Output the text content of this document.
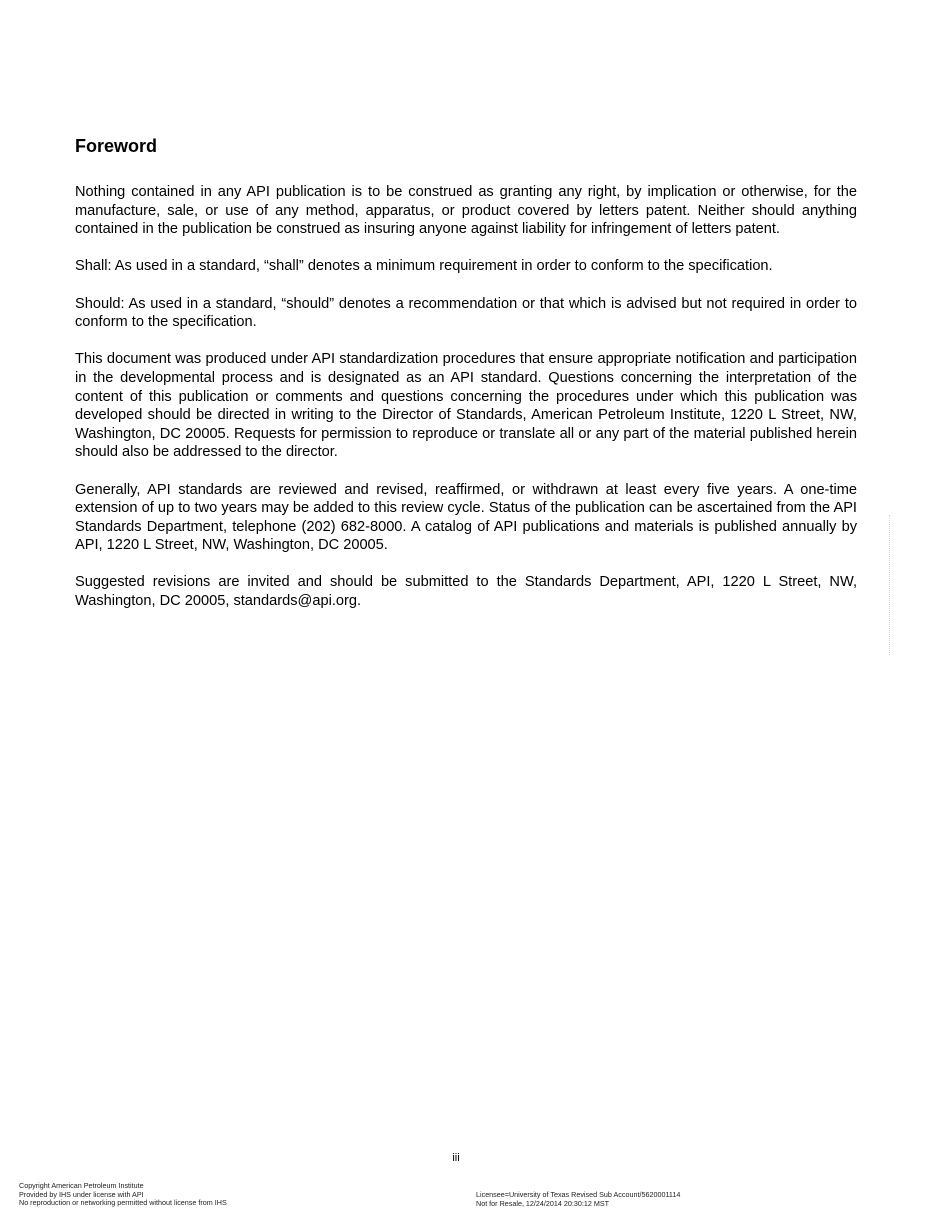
Foreword

Nothing contained in any API publication is to be construed as granting any right, by implication or otherwise, for the manufacture, sale, or use of any method, apparatus, or product covered by letters patent. Neither should anything contained in the publication be construed as insuring anyone against liability for infringement of letters patent.

Shall: As used in a standard, “shall” denotes a minimum requirement in order to conform to the specification.

Should: As used in a standard, “should” denotes a recommendation or that which is advised but not required in order to conform to the specification.

This document was produced under API standardization procedures that ensure appropriate notification and participation in the developmental process and is designated as an API standard. Questions concerning the interpretation of the content of this publication or comments and questions concerning the procedures under which this publication was developed should be directed in writing to the Director of Standards, American Petroleum Institute, 1220 L Street, NW, Washington, DC 20005. Requests for permission to reproduce or translate all or any part of the material published herein should also be addressed to the director.

Generally, API standards are reviewed and revised, reaffirmed, or withdrawn at least every five years. A one-time extension of up to two years may be added to this review cycle. Status of the publication can be ascertained from the API Standards Department, telephone (202) 682-8000. A catalog of API publications and materials is published annually by API, 1220 L Street, NW, Washington, DC 20005.

Suggested revisions are invited and should be submitted to the Standards Department, API, 1220 L Street, NW, Washington, DC 20005, standards@api.org.

iii
Copyright American Petroleum Institute
Provided by IHS under license with API
No reproduction or networking permitted without license from IHS
Licensee=University of Texas Revised Sub Account/5620001114
Not for Resale, 12/24/2014 20:30:12 MST
